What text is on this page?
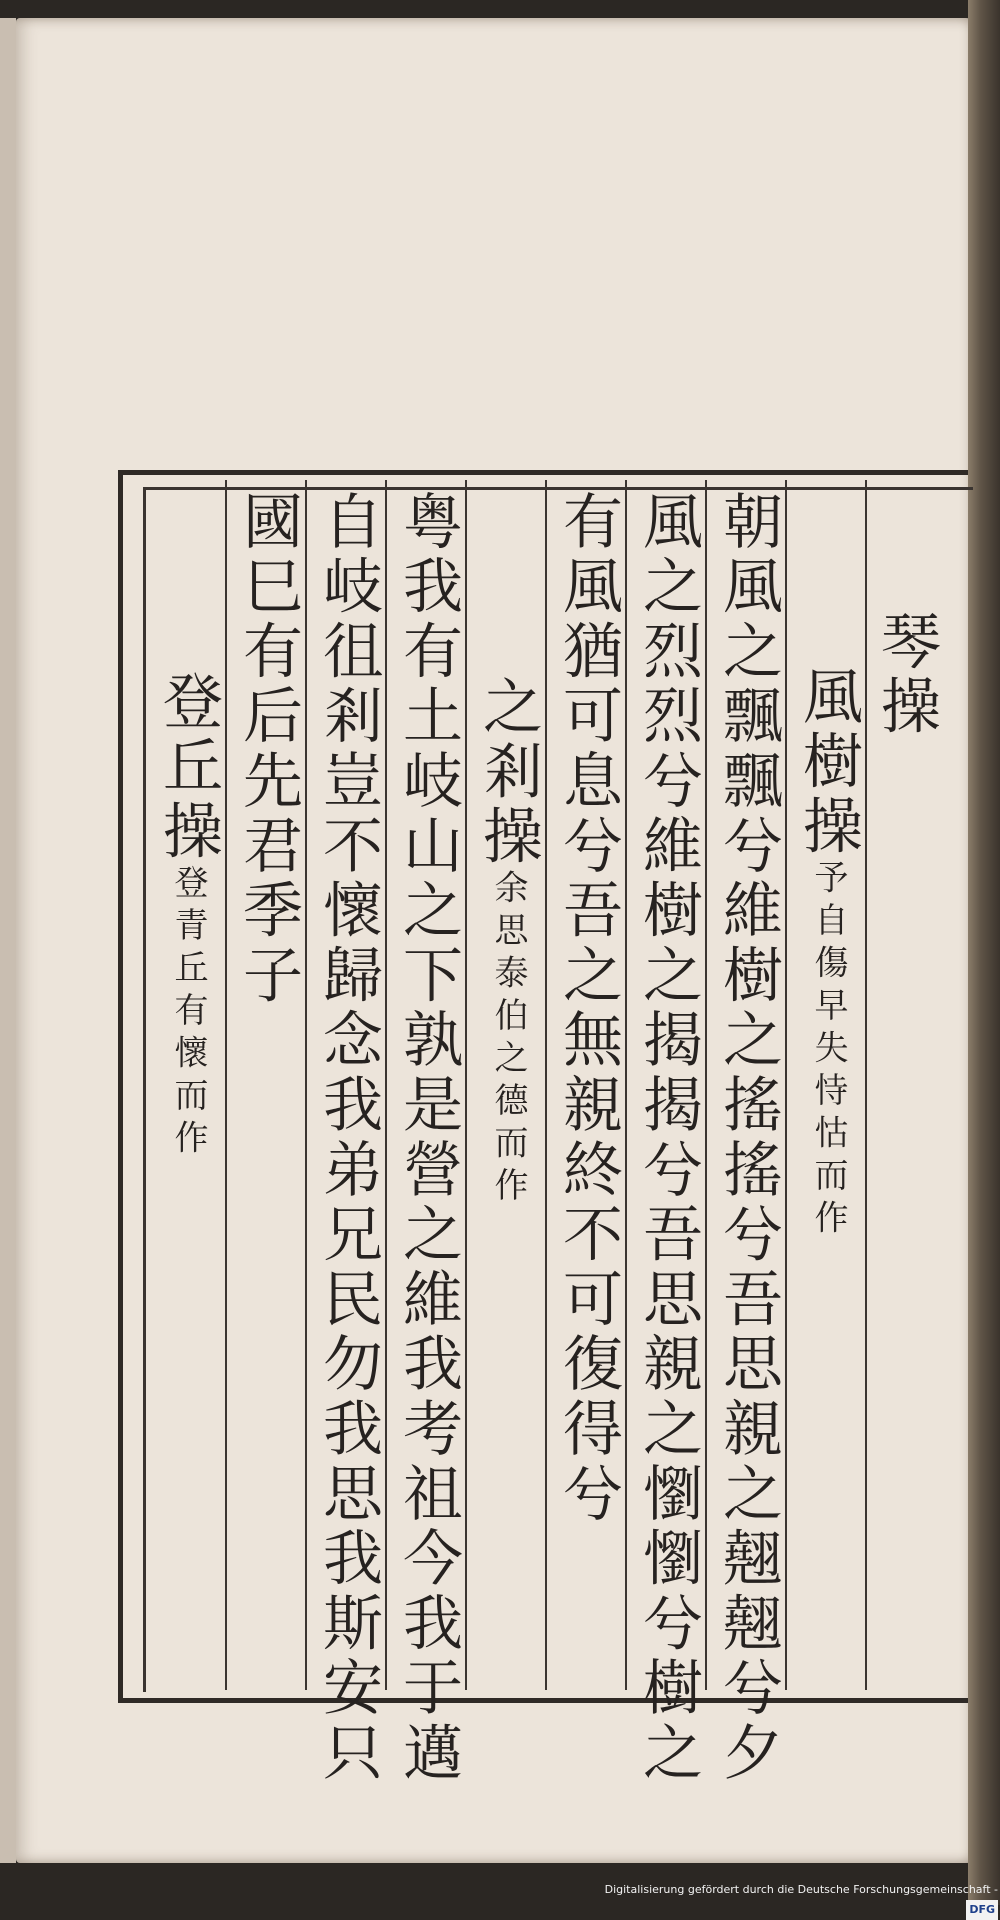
琴操
風樹操予自傷早失恃怙而作
朝風之飄飄兮維樹之搖搖兮吾思親之翹翹兮夕
風之烈烈兮維樹之揭揭兮吾思親之懰懰兮樹之
有風猶可息兮吾之無親終不可復得兮
之剎操余思泰伯之德而作
粤我有土岐山之下孰是營之維我考祖今我于邁
自岐徂剎豈不懷歸念我弟兄民勿我思我斯安只
國巳有后先君季子
登丘操登青丘有懷而作
Digitalisierung gefördert durch die Deutsche Forschungsgemeinschaft -DFG
